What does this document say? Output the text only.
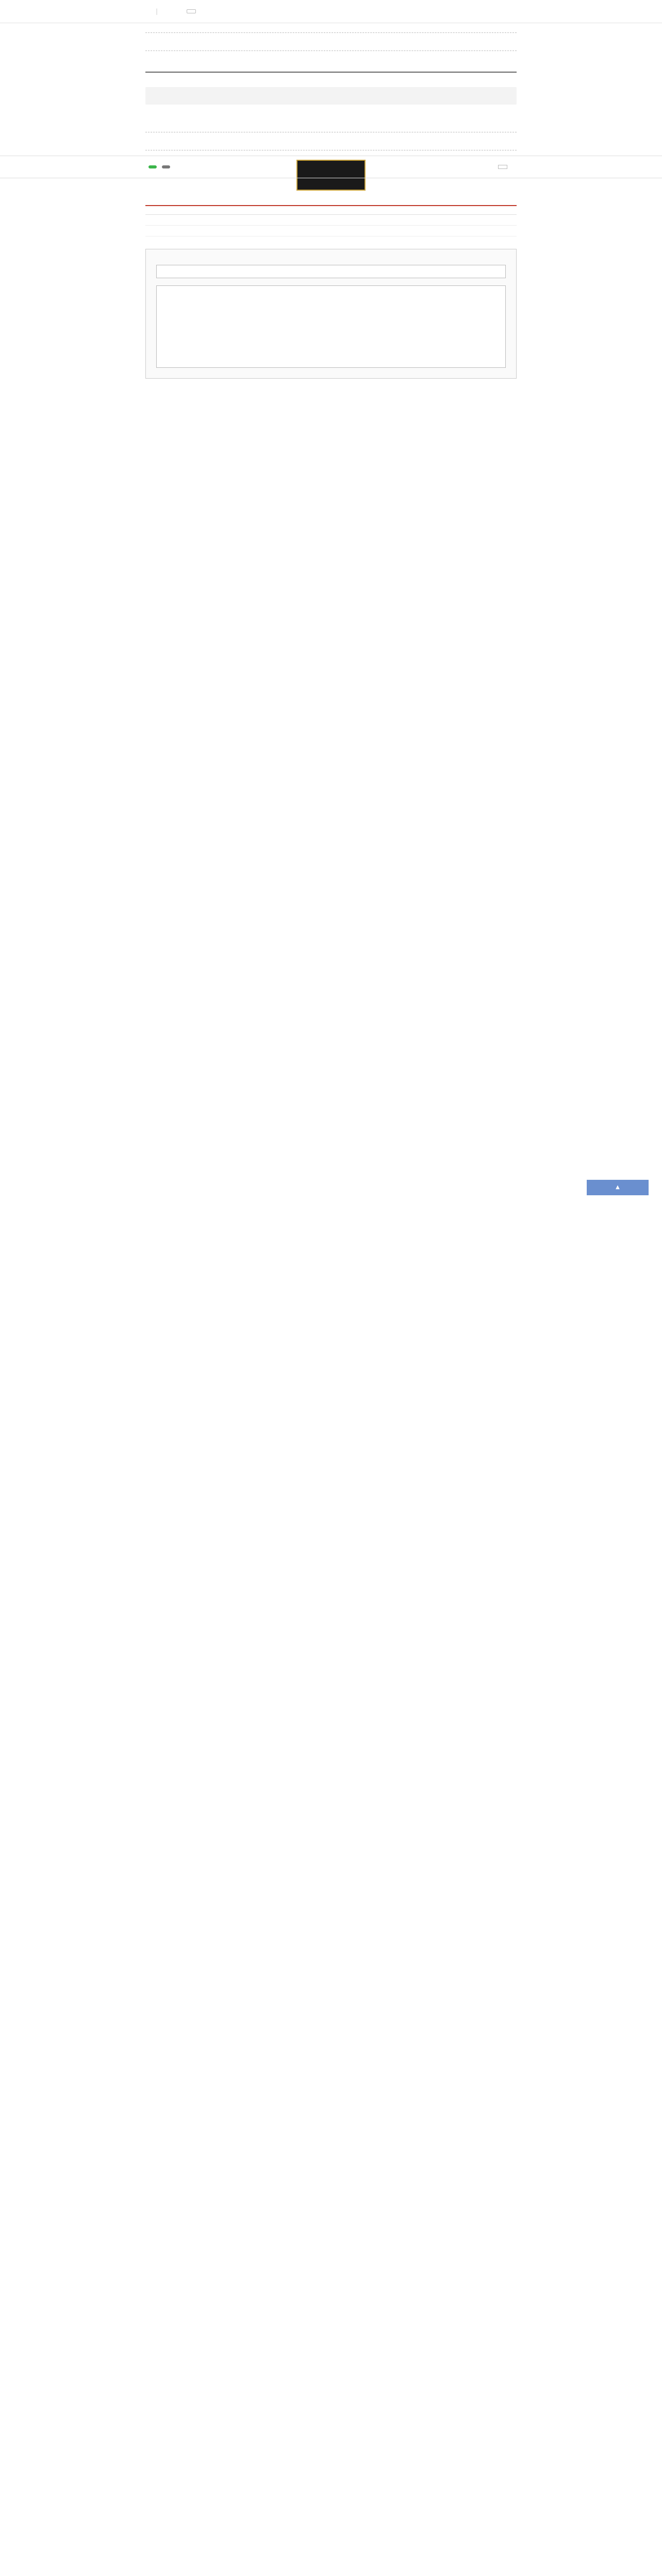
|
▲
